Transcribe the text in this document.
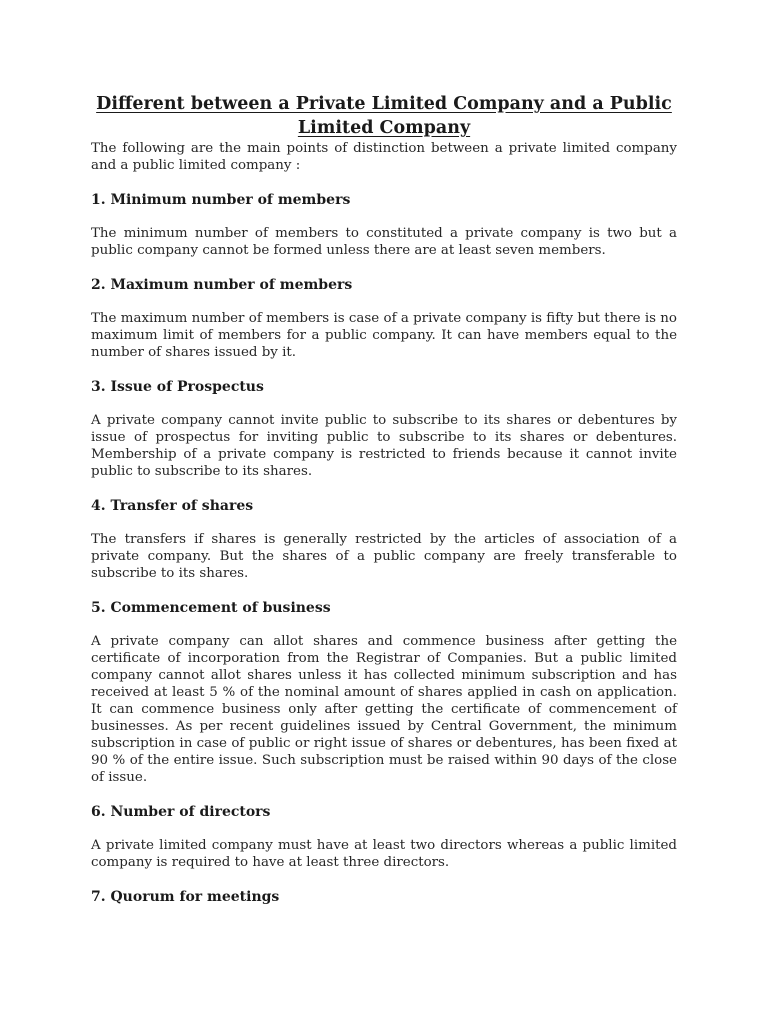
Different between a Private Limited Company and a Public Limited Company

The following are the main points of distinction between a private limited company and a public limited company :

1. Minimum number of members

The minimum number of members to constituted a private company is two but a public company cannot be formed unless there are at least seven members.

2. Maximum number of members

The maximum number of members is case of a private company is fifty but there is no maximum limit of members for a public company. It can have members equal to the number of shares issued by it.

3. Issue of Prospectus

A private company cannot invite public to subscribe to its shares or debentures by issue of prospectus for inviting public to subscribe to its shares or debentures. Membership of a private company is restricted to friends because it cannot invite public to subscribe to its shares.

4. Transfer of shares

The transfers if shares is generally restricted by the articles of association of a private company. But the shares of a public company are freely transferable to subscribe to its shares.

5. Commencement of business

A private company can allot shares and commence business after getting the certificate of incorporation from the Registrar of Companies. But a public limited company cannot allot shares unless it has collected minimum subscription and has received at least 5 % of the nominal amount of shares applied in cash on application. It can commence business only after getting the certificate of commencement of businesses. As per recent guidelines issued by Central Government, the minimum subscription in case of public or right issue of shares or debentures, has been fixed at 90 % of the entire issue. Such subscription must be raised within 90 days of the close of issue.

6. Number of directors

A private limited company must have at least two directors whereas a public limited company is required to have at least three directors.

7. Quorum for meetings
